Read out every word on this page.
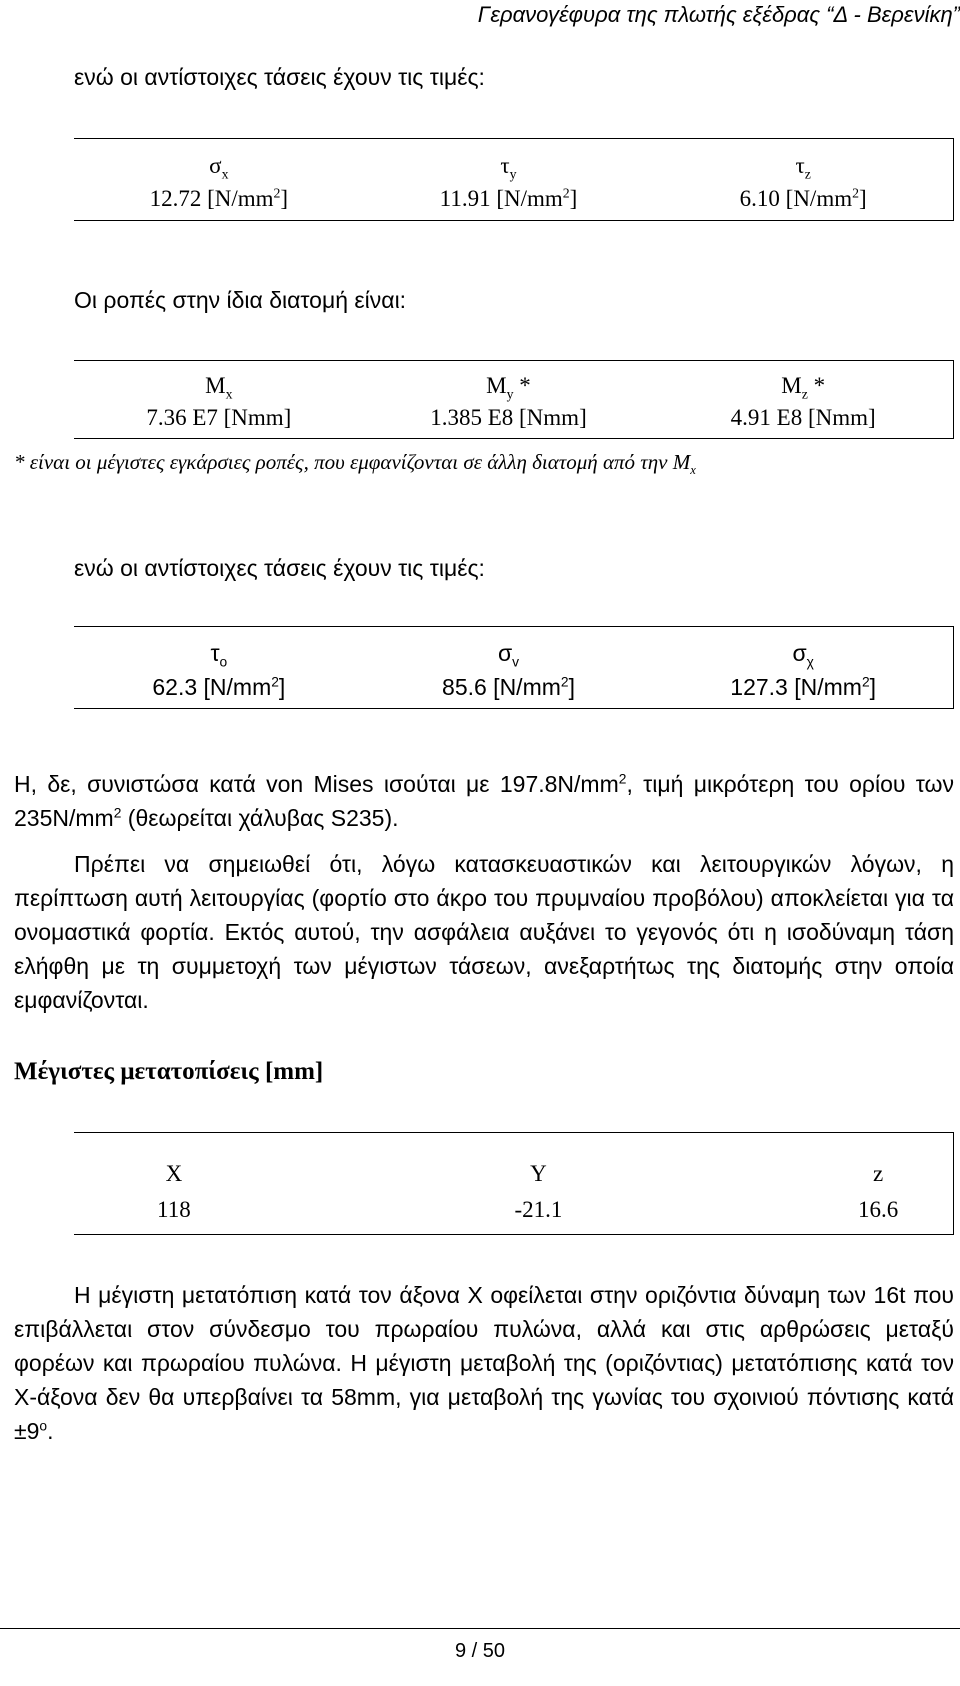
Γερανογέφυρα της πλωτής εξέδρας “Δ - Βερενίκη”
ενώ οι αντίστοιχες τάσεις έχουν τις τιμές:
$\sigma_x$	$\tau_y$	$\tau_z$
12.72 $[N/mm^2]$	11.91 $[N/mm^2]$	6.10 $[N/mm^2]$
Οι ροπές στην ίδια διατομή είναι:
$M_x$	$M_y$ *	$M_z$ *
7.36 E7 [Nmm]	1.385 E8 [Nmm]	4.91 E8 [Nmm]
* είναι οι μέγιστες εγκάρσιες ροπές, που εμφανίζονται σε άλλη διατομή από την $M_x$
ενώ οι αντίστοιχες τάσεις έχουν τις τιμές:
$\tau_o$	$\sigma_v$	$\sigma_\chi$
62.3 $[N/mm^2]$	85.6 $[N/mm^2]$	127.3 $[N/mm^2]$
Η, δε, συνιστώσα κατά von Mises ισούται με $197.8N/mm^2$, τιμή μικρότερη του ορίου των $235N/mm^2$ (θεωρείται χάλυβας S235).
Πρέπει να σημειωθεί ότι, λόγω κατασκευαστικών και λειτουργικών λόγων, η περίπτωση αυτή λειτουργίας (φορτίο στο άκρο του πρυμναίου προβόλου) αποκλείεται για τα ονομαστικά φορτία. Εκτός αυτού, την ασφάλεια αυξάνει το γεγονός ότι η ισοδύναμη τάση ελήφθη με τη συμμετοχή των μέγιστων τάσεων, ανεξαρτήτως της διατομής στην οποία εμφανίζονται.
Μέγιστες μετατοπίσεις [mm]
X	Y	z
118	-21.1	16.6
Η μέγιστη μετατόπιση κατά τον άξονα X οφείλεται στην οριζόντια δύναμη των 16t που επιβάλλεται στον σύνδεσμο του πρωραίου πυλώνα, αλλά και στις αρθρώσεις μεταξύ φορέων και πρωραίου πυλώνα. Η μέγιστη μεταβολή της (οριζόντιας) μετατόπισης κατά τον X-άξονα δεν θα υπερβαίνει τα 58mm, για μεταβολή της γωνίας του σχοινιού πόντισης $\kappa\alpha\tau ά \pm 9^o$.
9 / 50
